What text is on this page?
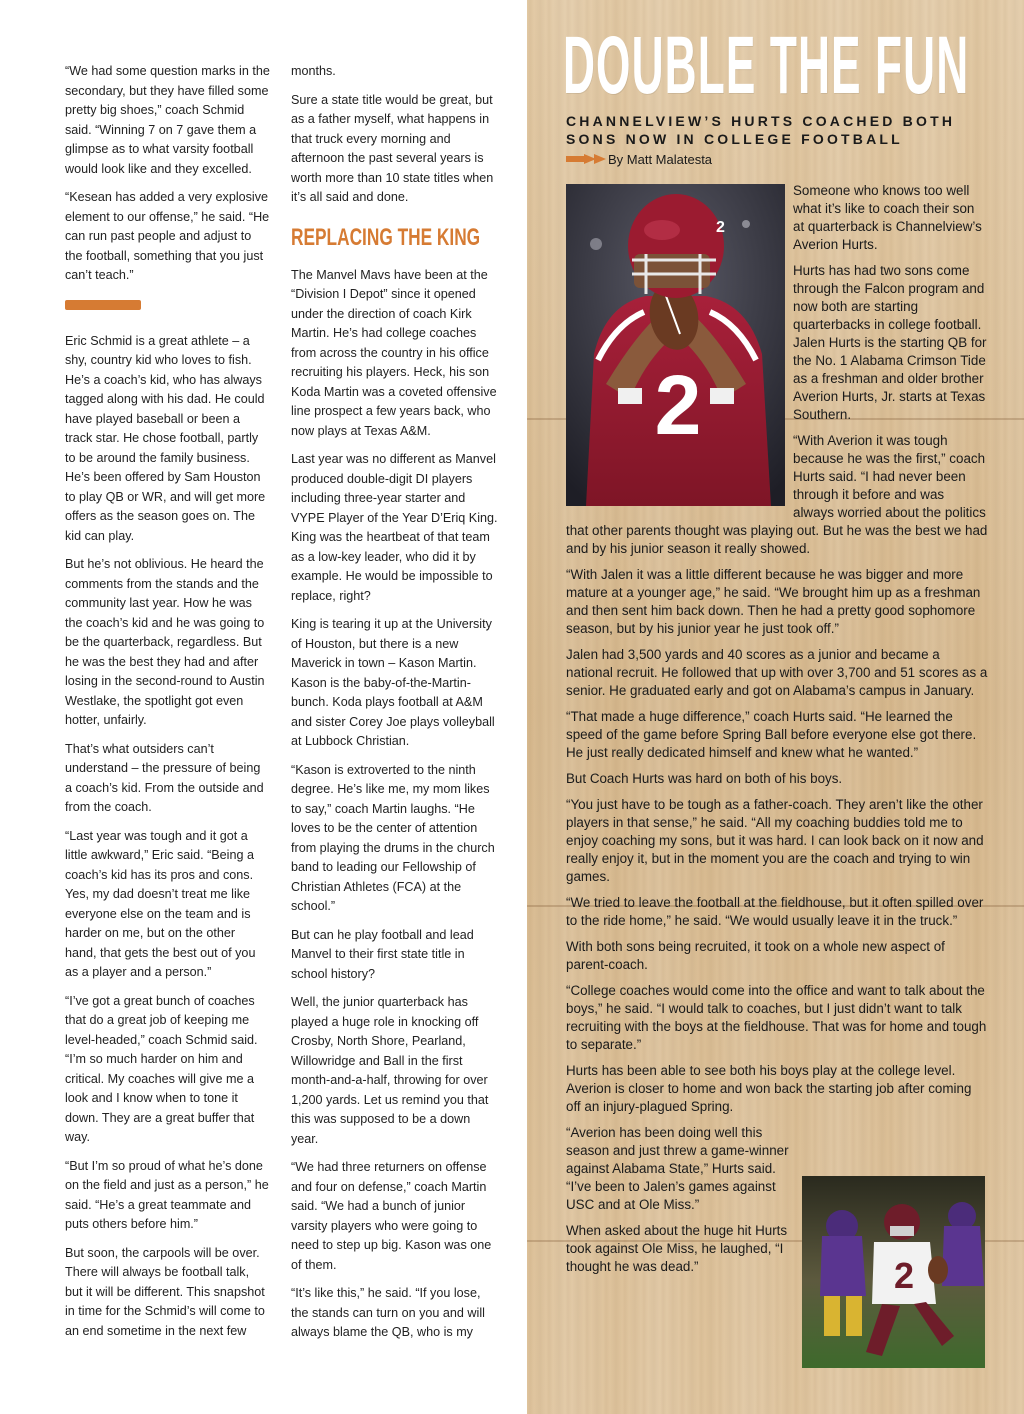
“We had some question marks in the secondary, but they have filled some pretty big shoes,” coach Schmid said. “Winning 7 on 7 gave them a glimpse as to what varsity football would look like and they excelled.

“Kesean has added a very explosive element to our offense,” he said. “He can run past people and adjust to the football, something that you just can’t teach.”

Eric Schmid is a great athlete – a shy, country kid who loves to fish. He’s a coach’s kid, who has always tagged along with his dad. He could have played baseball or been a track star. He chose football, partly to be around the family business. He’s been offered by Sam Houston to play QB or WR, and will get more offers as the season goes on. The kid can play.

But he’s not oblivious. He heard the comments from the stands and the community last year. How he was the coach’s kid and he was going to be the quarterback, regardless. But he was the best they had and after losing in the second-round to Austin Westlake, the spotlight got even hotter, unfairly.

That’s what outsiders can’t understand – the pressure of being a coach’s kid. From the outside and from the coach.

“Last year was tough and it got a little awkward,” Eric said. “Being a coach’s kid has its pros and cons. Yes, my dad doesn’t treat me like everyone else on the team and is harder on me, but on the other hand, that gets the best out of you as a player and a person.”

“I’ve got a great bunch of coaches that do a great job of keeping me level-headed,” coach Schmid said. “I’m so much harder on him and critical. My coaches will give me a look and I know when to tone it down. They are a great buffer that way.

“But I’m so proud of what he’s done on the field and just as a person,” he said. “He’s a great teammate and puts others before him.”

But soon, the carpools will be over. There will always be football talk, but it will be different. This snapshot in time for the Schmid’s will come to an end sometime in the next few

months.

Sure a state title would be great, but as a father myself, what happens in that truck every morning and afternoon the past several years is worth more than 10 state titles when it’s all said and done.

REPLACING THE KING

The Manvel Mavs have been at the “Division I Depot” since it opened under the direction of coach Kirk Martin. He’s had college coaches from across the country in his office recruiting his players. Heck, his son Koda Martin was a coveted offensive line prospect a few years back, who now plays at Texas A&M.

Last year was no different as Manvel produced double-digit DI players including three-year starter and VYPE Player of the Year D’Eriq King. King was the heartbeat of that team as a low-key leader, who did it by example. He would be impossible to replace, right?

King is tearing it up at the University of Houston, but there is a new Maverick in town – Kason Martin. Kason is the baby-of-the-Martin-bunch. Koda plays football at A&M and sister Corey Joe plays volleyball at Lubbock Christian.

“Kason is extroverted to the ninth degree. He’s like me, my mom likes to say,” coach Martin laughs. “He loves to be the center of attention from playing the drums in the church band to leading our Fellowship of Christian Athletes (FCA) at the school.”

But can he play football and lead Manvel to their first state title in school history?

Well, the junior quarterback has played a huge role in knocking off Crosby, North Shore, Pearland, Willowridge and Ball in the first month-and-a-half, throwing for over 1,200 yards. Let us remind you that this was supposed to be a down year.

“We had three returners on offense and four on defense,” coach Martin said. “We had a bunch of junior varsity players who were going to need to step up big. Kason was one of them.

“It’s like this,” he said. “If you lose, the stands can turn on you and will always blame the QB, who is my

DOUBLE THE FUN
CHANNELVIEW’S HURTS COACHED BOTH SONS NOW IN COLLEGE FOOTBALL
By Matt Malatesta
2
2
2

Someone who knows too well what it’s like to coach their son at quarterback is Channelview’s Averion Hurts.

Hurts has had two sons come through the Falcon program and now both are starting quarterbacks in college football. Jalen Hurts is the starting QB for the No. 1 Alabama Crimson Tide as a freshman and older brother Averion Hurts, Jr. starts at Texas Southern.

“With Averion it was tough because he was the first,” coach Hurts said. “I had never been through it before and was always worried about the politics that other parents thought was playing out. But he was the best we had and by his junior season it really showed.

“With Jalen it was a little different because he was bigger and more mature at a younger age,” he said. “We brought him up as a freshman and then sent him back down. Then he had a pretty good sophomore season, but by his junior year he just took off.”

Jalen had 3,500 yards and 40 scores as a junior and became a national recruit. He followed that up with over 3,700 and 51 scores as a senior. He graduated early and got on Alabama’s campus in January.

“That made a huge difference,” coach Hurts said. “He learned the speed of the game before Spring Ball before everyone else got there. He just really dedicated himself and knew what he wanted.”

But Coach Hurts was hard on both of his boys.

“You just have to be tough as a father-coach. They aren’t like the other players in that sense,” he said. “All my coaching buddies told me to enjoy coaching my sons, but it was hard. I can look back on it now and really enjoy it, but in the moment you are the coach and trying to win games.

“We tried to leave the football at the fieldhouse, but it often spilled over to the ride home,” he said. “We would usually leave it in the truck.”

With both sons being recruited, it took on a whole new aspect of parent-coach.

“College coaches would come into the office and want to talk about the boys,” he said. “I would talk to coaches, but I just didn’t want to talk recruiting with the boys at the fieldhouse. That was for home and tough to separate.”

Hurts has been able to see both his boys play at the college level. Averion is closer to home and won back the starting job after coming off an injury-plagued Spring.

“Averion has been doing well this season and just threw a game-winner against Alabama State,” Hurts said. “I’ve been to Jalen’s games against USC and at Ole Miss.”

When asked about the huge hit Hurts took against Ole Miss, he laughed, “I thought he was dead.”
